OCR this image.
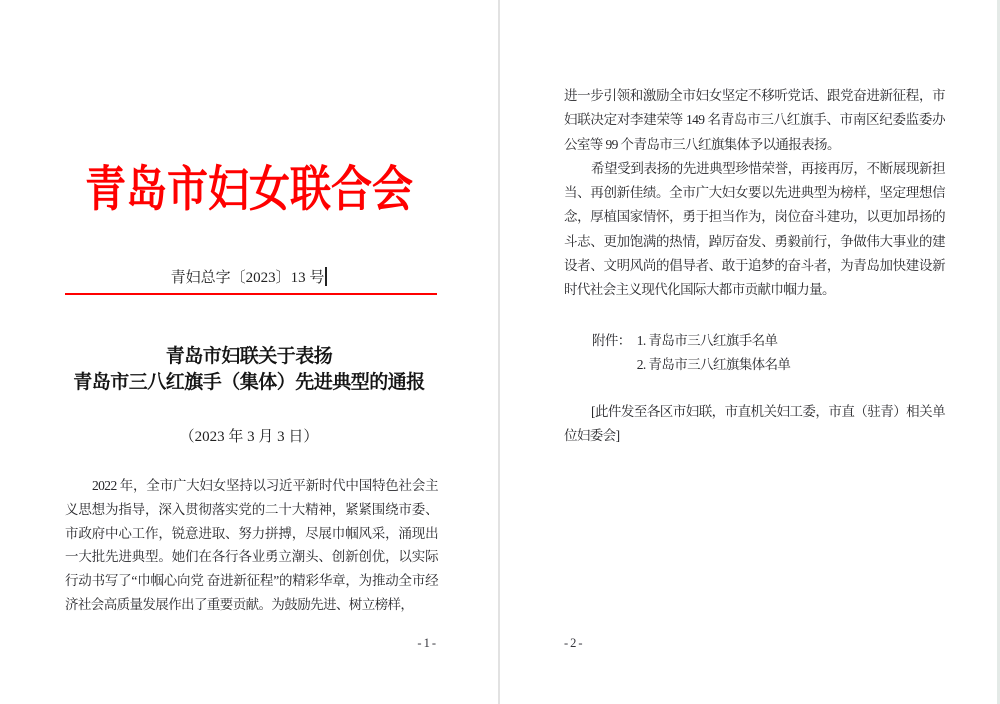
青岛市妇女联合会
青妇总字〔2023〕13 号
青岛市妇联关于表扬
青岛市三八红旗手（集体）先进典型的通报
（2023 年 3 月 3 日）

2022 年，全市广大妇女坚持以习近平新时代中国特色社会主义思想为指导，深入贯彻落实党的二十大精神，紧紧围绕市委、市政府中心工作，锐意进取、努力拼搏，尽展巾帼风采，涌现出一大批先进典型。她们在各行各业勇立潮头、创新创优，以实际行动书写了“巾帼心向党 奋进新征程”的精彩华章，为推动全市经济社会高质量发展作出了重要贡献。为鼓励先进、树立榜样，

-1-

进一步引领和激励全市妇女坚定不移听党话、跟党奋进新征程，市妇联决定对李建荣等 149 名青岛市三八红旗手、市南区纪委监委办公室等 99 个青岛市三八红旗集体予以通报表扬。

希望受到表扬的先进典型珍惜荣誉，再接再厉，不断展现新担当、再创新佳绩。全市广大妇女要以先进典型为榜样，坚定理想信念，厚植国家情怀，勇于担当作为，岗位奋斗建功，以更加昂扬的斗志、更加饱满的热情，踔厉奋发、勇毅前行，争做伟大事业的建设者、文明风尚的倡导者、敢于追梦的奋斗者，为青岛加快建设新时代社会主义现代化国际大都市贡献巾帼力量。

附件： 1. 青岛市三八红旗手名单
2. 青岛市三八红旗集体名单

[此件发至各区市妇联，市直机关妇工委，市直（驻青）相关单位妇委会]

-2-
